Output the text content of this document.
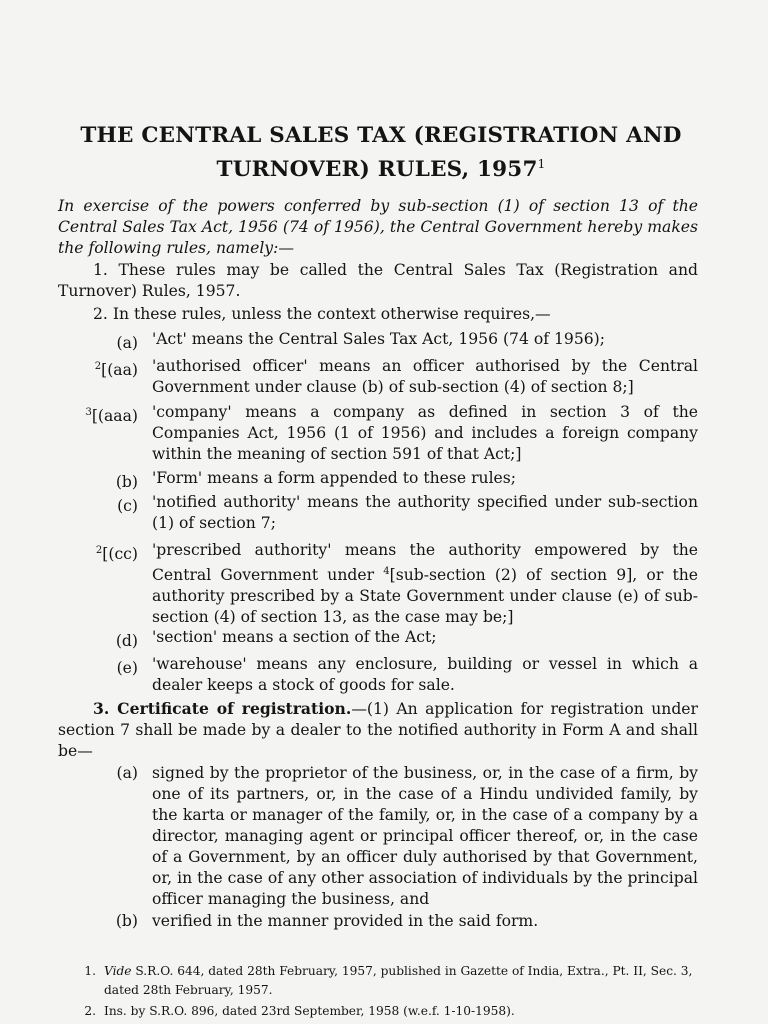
THE CENTRAL SALES TAX (REGISTRATION AND
TURNOVER) RULES, 1957$^1$
In exercise of the powers conferred by sub-section (1) of section 13 of the Central Sales Tax Act, 1956 (74 of 1956), the Central Government hereby makes the following rules, namely:—
1. These rules may be called the Central Sales Tax (Registration and Turnover) Rules, 1957.
2. In these rules, unless the context otherwise requires,—
(a) 'Act' means the Central Sales Tax Act, 1956 (74 of 1956);
$^2$[(aa) 'authorised officer' means an officer authorised by the Central Government under clause (b) of sub-section (4) of section 8;]
$^3$[(aaa) 'company' means a company as defined in section 3 of the Companies Act, 1956 (1 of 1956) and includes a foreign company within the meaning of section 591 of that Act;]
(b) 'Form' means a form appended to these rules;
(c) 'notified authority' means the authority specified under sub-section (1) of section 7;
$^2$[(cc) 'prescribed authority' means the authority empowered by the Central Government under $^4$[sub-section (2) of section 9], or the authority prescribed by a State Government under clause (e) of sub-section (4) of section 13, as the case may be;]
(d) 'section' means a section of the Act;
(e) 'warehouse' means any enclosure, building or vessel in which a dealer keeps a stock of goods for sale.
3. Certificate of registration.—(1) An application for registration under section 7 shall be made by a dealer to the notified authority in Form A and shall be—
(a) signed by the proprietor of the business, or, in the case of a firm, by one of its partners, or, in the case of a Hindu undivided family, by the karta or manager of the family, or, in the case of a company by a director, managing agent or principal officer thereof, or, in the case of a Government, by an officer duly authorised by that Government, or, in the case of any other association of individuals by the principal officer managing the business, and
(b) verified in the manner provided in the said form.
1. Vide S.R.O. 644, dated 28th February, 1957, published in Gazette of India, Extra., Pt. II, Sec. 3, dated 28th February, 1957.
2. Ins. by S.R.O. 896, dated 23rd September, 1958 (w.e.f. 1-10-1958).
